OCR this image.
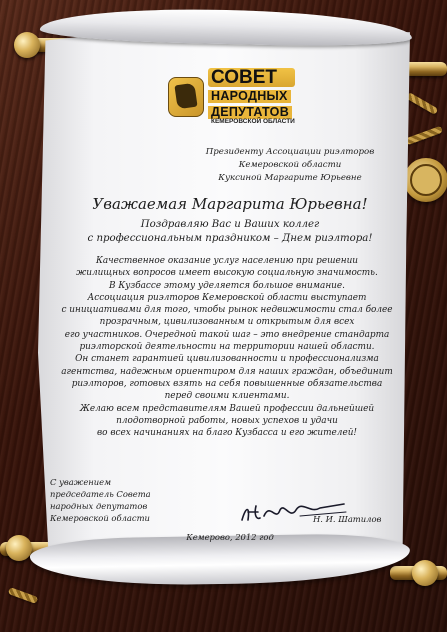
СОВЕТ
НАРОДНЫХ
ДЕПУТАТОВ
КЕМЕРОВСКОЙ ОБЛАСТИ
Президенту Ассоциации риэлторов
Кемеровской области
Куксиной Маргарите Юрьевне
Уважаемая Маргарита Юрьевна!
Поздравляю Вас и Ваших коллег
с профессиональным праздником – Днем риэлтора!
Качественное оказание услуг населению при решении
жилищных вопросов имеет высокую социальную значимость.
В Кузбассе этому уделяется большое внимание.
Ассоциация риэлторов Кемеровской области выступает
с инициативами для того, чтобы рынок недвижимости стал более
прозрачным, цивилизованным и открытым для всех
его участников. Очередной такой шаг – это внедрение стандарта
риэлторской деятельности на территории нашей области.
Он станет гарантией цивилизованности и профессионализма
агентства, надежным ориентиром для наших граждан, объединит
риэлторов, готовых взять на себя повышенные обязательства
перед своими клиентами.
Желаю всем представителям Вашей профессии дальнейшей
плодотворной работы, новых успехов и удачи
во всех начинаниях на благо Кузбасса и его жителей!
С уважением
председатель Совета
народных депутатов
Кемеровской области	Н. И. Шатилов
Кемерово, 2012 год
